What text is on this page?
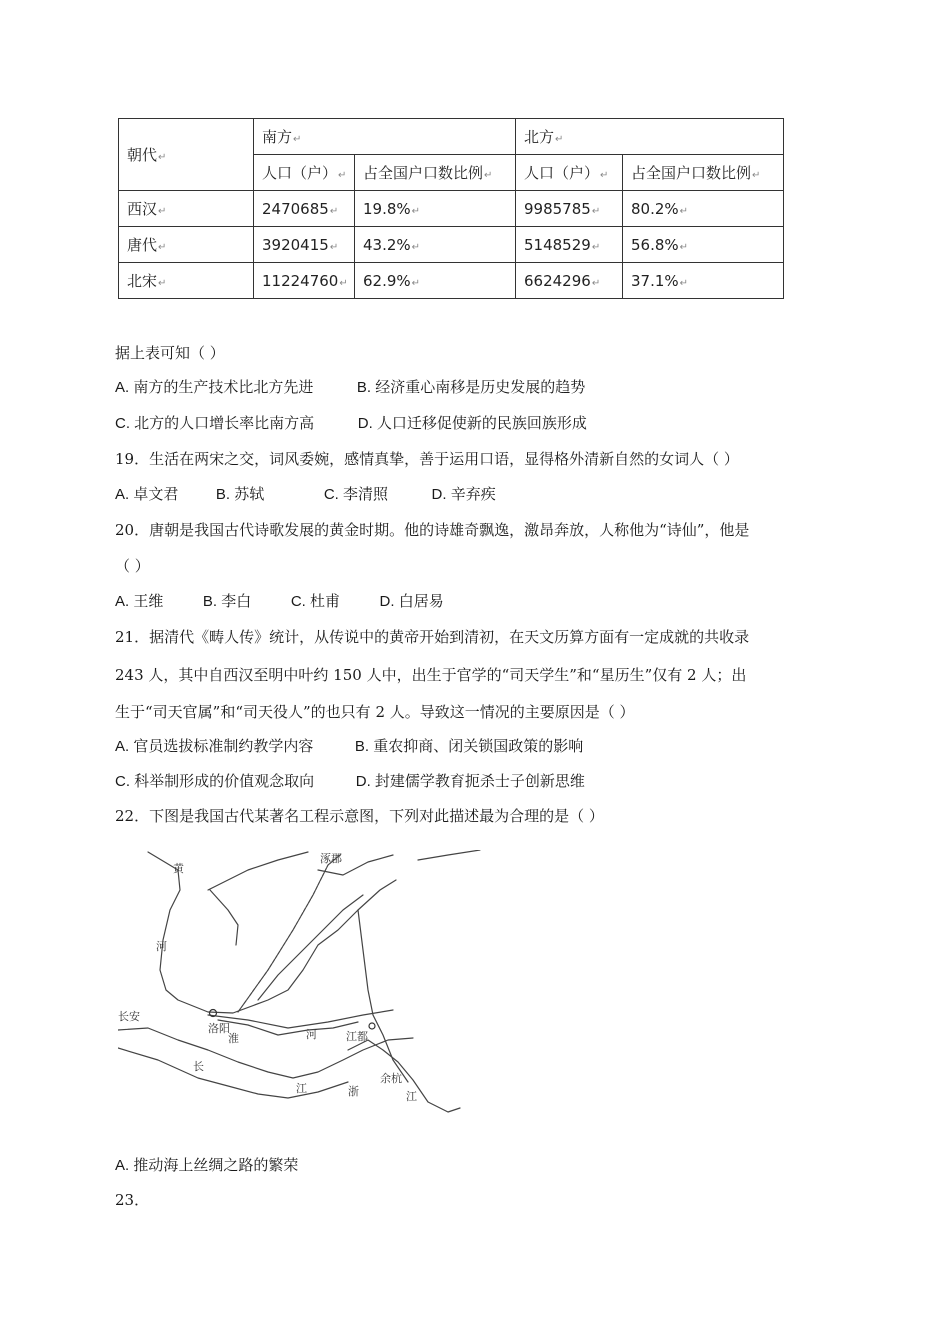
朝代↵	南方↵		北方↵	
	人口（户）↵	占全国户口数比例↵	人口（户）↵	占全国户口数比例↵
西汉↵	2470685↵	19.8%↵	9985785↵	80.2%↵
唐代↵	3920415↵	43.2%↵	5148529↵	56.8%↵
北宋↵	11224760↵	62.9%↵	6624296↵	37.1%↵
据上表可知（ ）
A. 南方的生产技术比北方先进	B. 经济重心南移是历史发展的趋势
C. 北方的人口增长率比南方高	D. 人口迁移促使新的民族回族形成
19．生活在两宋之交，词风委婉，感情真挚，善于运用口语，显得格外清新自然的女词人（ ）
A. 卓文君	B. 苏轼	C. 李清照	D. 辛弃疾
20．唐朝是我国古代诗歌发展的黄金时期。他的诗雄奇飘逸，激昂奔放，人称他为“诗仙”，他是
（ ）
A. 王维	B. 李白	C. 杜甫	D. 白居易
21．据清代《畴人传》统计，从传说中的黄帝开始到清初，在天文历算方面有一定成就的共收录
243 人，其中自西汉至明中叶约 150 人中，出生于官学的“司天学生”和“星历生”仅有 2 人；出
生于“司天官属”和“司天役人”的也只有 2 人。导致这一情况的主要原因是（ ）
A. 官员选拔标准制约教学内容	B. 重农抑商、闭关锁国政策的影响
C. 科举制形成的价值观念取向	D. 封建儒学教育扼杀士子创新思维
22．下图是我国古代某著名工程示意图，下列对此描述最为合理的是（ ）
涿郡
黄
河
长安
洛阳
淮	河	江都
长
江	浙
余杭
江
A. 推动海上丝绸之路的繁荣
23．
